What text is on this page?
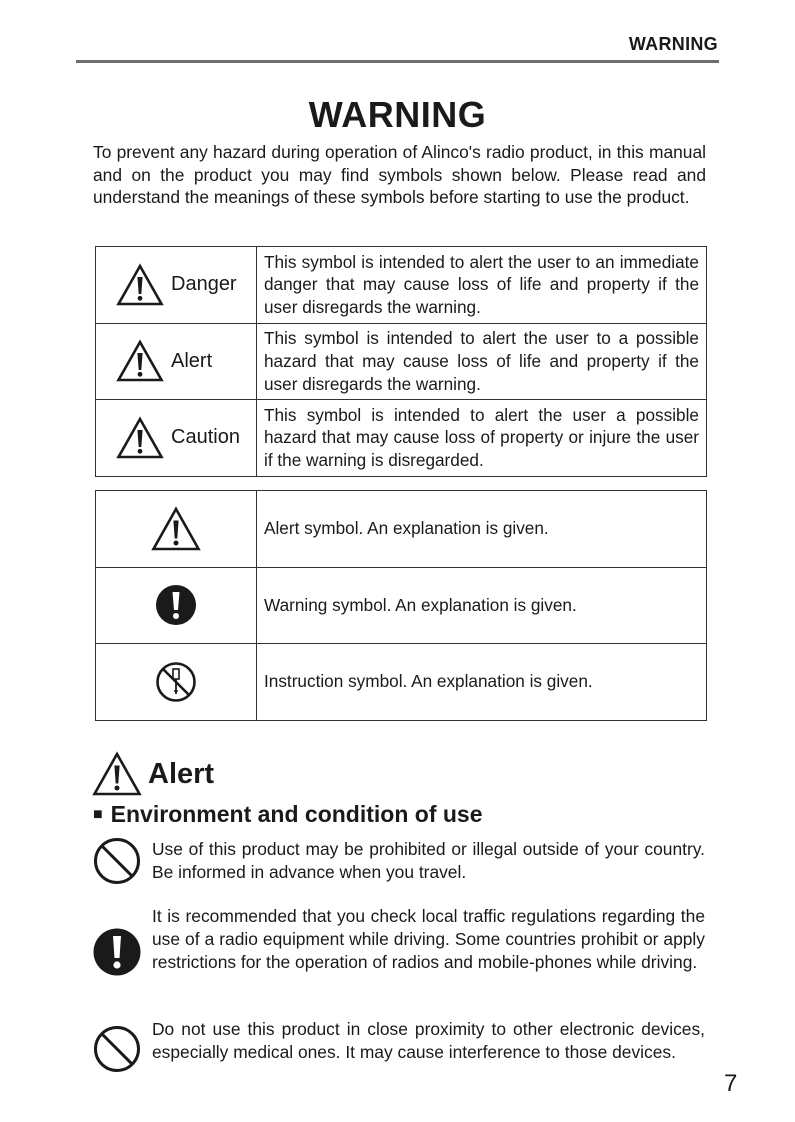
WARNING
WARNING
To prevent any hazard during operation of Alinco's radio product, in this manual and on the product you may find symbols shown below. Please read and understand the meanings of these symbols before starting to use the product.
Danger	This symbol is intended to alert the user to an immediate danger that may cause loss of life and property if the user disregards the warning.

Alert	This symbol is intended to alert the user to a possible hazard that may cause loss of life and property if the user disregards the warning.

Caution	This symbol is intended to alert the user a possible hazard that may cause loss of property or injure the user if the warning is disregarded.

Alert symbol. An explanation is given.

Warning symbol. An explanation is given.

Instruction symbol. An explanation is given.
Alert
■ Environment and condition of use
Use of this product may be prohibited or illegal outside of your country. Be informed in advance when you travel.
It is recommended that you check local traffic regulations regarding the use of a radio equipment while driving. Some countries prohibit or apply restrictions for the operation of radios and mobile-phones while driving.
Do not use this product in close proximity to other electronic devices, especially medical ones. It may cause interference to those devices.
7
